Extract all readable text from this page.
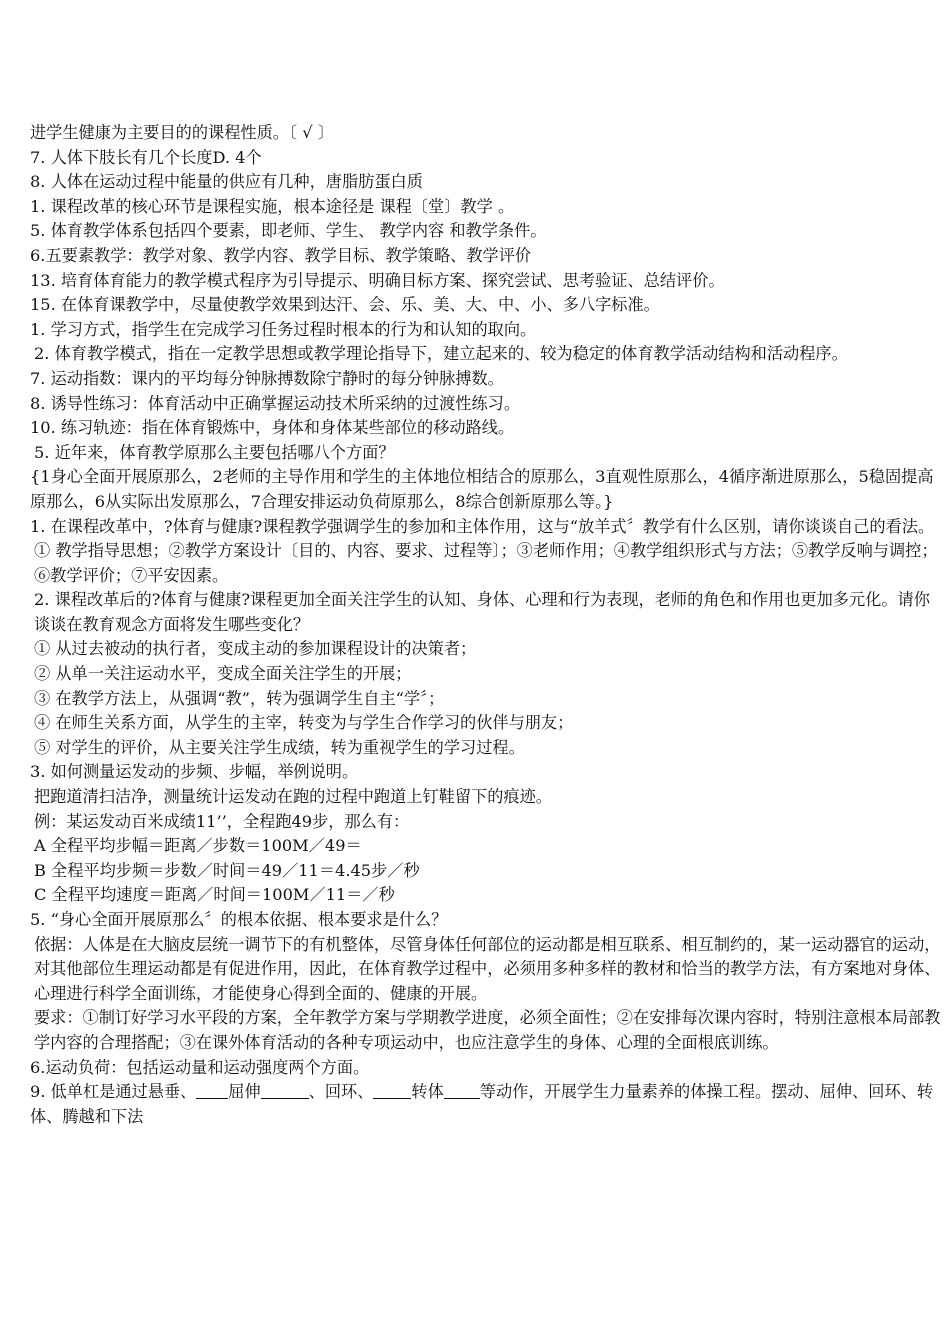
进学生健康为主要目的的课程性质。〔 √ 〕
7. 人体下肢长有几个长度D. 4个
8. 人体在运动过程中能量的供应有几种，唐脂肪蛋白质
1. 课程改革的核心环节是课程实施，根本途径是 课程〔堂〕教学 。
5. 体育教学体系包括四个要素，即老师、学生、 教学内容 和教学条件。
6.五要素教学：教学对象、教学内容、教学目标、教学策略、教学评价
13. 培育体育能力的教学模式程序为引导提示、明确目标方案、探究尝试、思考验证、总结评价。
15. 在体育课教学中，尽量使教学效果到达汗、会、乐、美、大、中、小、多八字标准。
1. 学习方式，指学生在完成学习任务过程时根本的行为和认知的取向。
2. 体育教学模式，指在一定教学思想或教学理论指导下，建立起来的、较为稳定的体育教学活动结构和活动程序。
7. 运动指数：课内的平均每分钟脉搏数除宁静时的每分钟脉搏数。
8. 诱导性练习：体育活动中正确掌握运动技术所采纳的过渡性练习。
10. 练习轨迹：指在体育锻炼中，身体和身体某些部位的移动路线。
5. 近年来，体育教学原那么主要包括哪八个方面？
{1身心全面开展原那么，2老师的主导作用和学生的主体地位相结合的原那么，3直观性原那么，4循序渐进原那么，5稳固提高原那么，6从实际出发原那么，7合理安排运动负荷原那么，8综合创新原那么等。}
1. 在课程改革中，?体育与健康?课程教学强调学生的参加和主体作用，这与“放羊式〞教学有什么区别，请你谈谈自己的看法。
① 教学指导思想；②教学方案设计〔目的、内容、要求、过程等〕；③老师作用；④教学组织形式与方法；⑤教学反响与调控；⑥教学评价；⑦平安因素。
2. 课程改革后的?体育与健康?课程更加全面关注学生的认知、身体、心理和行为表现，老师的角色和作用也更加多元化。请你谈谈在教育观念方面将发生哪些变化？
① 从过去被动的执行者，变成主动的参加课程设计的决策者；
② 从单一关注运动水平，变成全面关注学生的开展；
③ 在教学方法上，从强调“教”，转为强调学生自主“学〞；
④ 在师生关系方面，从学生的主宰，转变为与学生合作学习的伙伴与朋友；
⑤ 对学生的评价，从主要关注学生成绩，转为重视学生的学习过程。
3. 如何测量运发动的步频、步幅，举例说明。
把跑道清扫洁净，测量统计运发动在跑的过程中跑道上钉鞋留下的痕迹。
例：某运发动百米成绩11’’，全程跑49步，那么有：
A 全程平均步幅＝距离／步数＝100M／49＝
B 全程平均步频＝步数／时间＝49／11＝4.45步／秒
C 全程平均速度＝距离／时间＝100M／11＝／秒
5. “身心全面开展原那么〞的根本依据、根本要求是什么？
依据：人体是在大脑皮层统一调节下的有机整体，尽管身体任何部位的运动都是相互联系、相互制约的，某一运动器官的运动，对其他部位生理运动都是有促进作用，因此，在体育教学过程中，必须用多种多样的教材和恰当的教学方法，有方案地对身体、心理进行科学全面训练，才能使身心得到全面的、健康的开展。
要求：①制订好学习水平段的方案，全年教学方案与学期教学进度，必须全面性；②在安排每次课内容时，特别注意根本局部教学内容的合理搭配；③在课外体育活动的各种专项运动中，也应注意学生的身体、心理的全面根底训练。
6.运动负荷：包括运动量和运动强度两个方面。
9. 低单杠是通过悬垂、 屈伸	、回环、 转体 等动作，开展学生力量素养的体操工程。摆动、屈伸、回环、转体、腾越和下法
